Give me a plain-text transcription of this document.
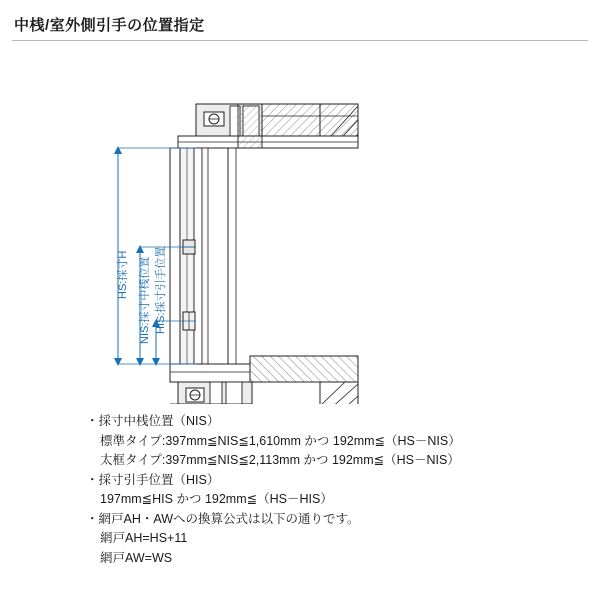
中桟/室外側引手の位置指定
HS:採寸H NIS:採寸中桟位置 HIS:採寸引手位置
・採寸中桟位置（NIS）
標準タイプ:397mm≦NIS≦1,610mm かつ 192mm≦（HS－NIS）
太框タイプ:397mm≦NIS≦2,113mm かつ 192mm≦（HS－NIS）
・採寸引手位置（HIS）
197mm≦HIS かつ 192mm≦（HS－HIS）
・網戸AH・AWへの換算公式は以下の通りです。
網戸AH=HS+11
網戸AW=WS
